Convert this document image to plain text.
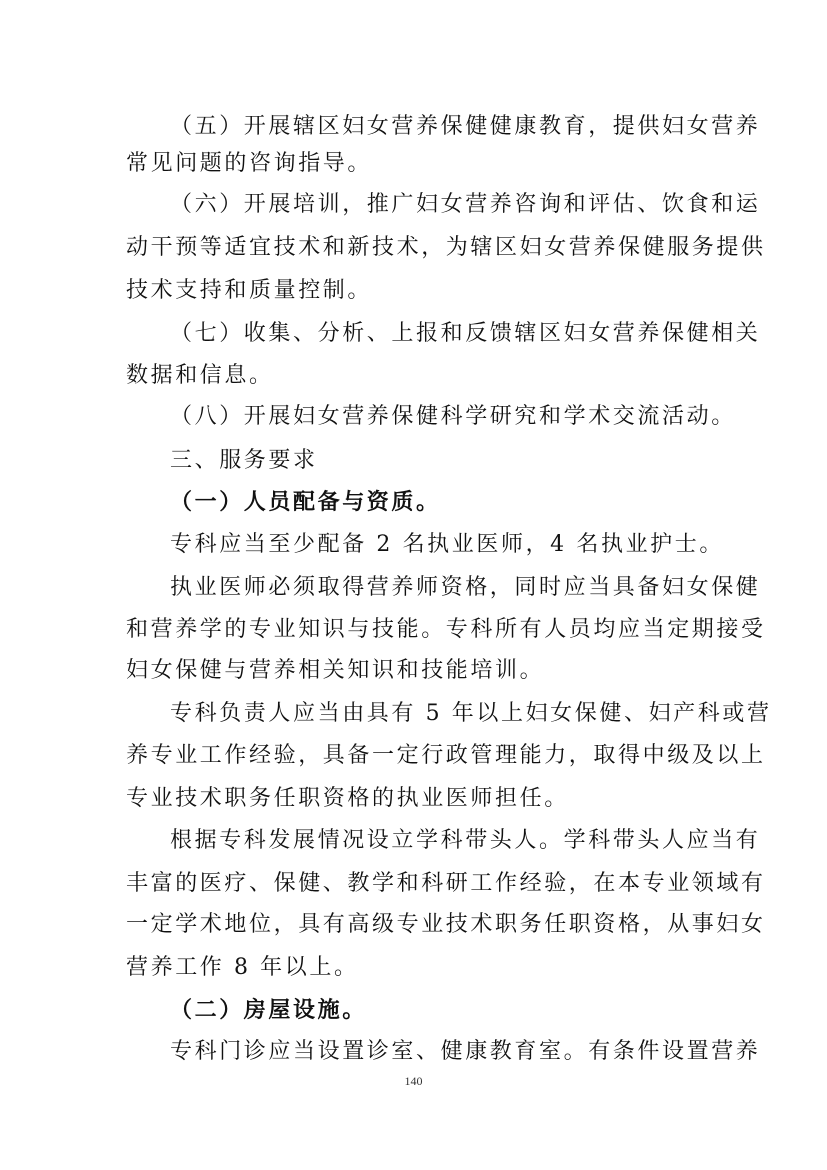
（五）开展辖区妇女营养保健健康教育，提供妇女营养
常见问题的咨询指导。
（六）开展培训，推广妇女营养咨询和评估、饮食和运
动干预等适宜技术和新技术，为辖区妇女营养保健服务提供
技术支持和质量控制。
（七）收集、分析、上报和反馈辖区妇女营养保健相关
数据和信息。
（八）开展妇女营养保健科学研究和学术交流活动。
三、服务要求
（一）人员配备与资质。
专科应当至少配备 2 名执业医师，4 名执业护士。
执业医师必须取得营养师资格，同时应当具备妇女保健
和营养学的专业知识与技能。专科所有人员均应当定期接受
妇女保健与营养相关知识和技能培训。
专科负责人应当由具有 5 年以上妇女保健、妇产科或营
养专业工作经验，具备一定行政管理能力，取得中级及以上
专业技术职务任职资格的执业医师担任。
根据专科发展情况设立学科带头人。学科带头人应当有
丰富的医疗、保健、教学和科研工作经验，在本专业领域有
一定学术地位，具有高级专业技术职务任职资格，从事妇女
营养工作 8 年以上。
（二）房屋设施。
专科门诊应当设置诊室、健康教育室。有条件设置营养
140
